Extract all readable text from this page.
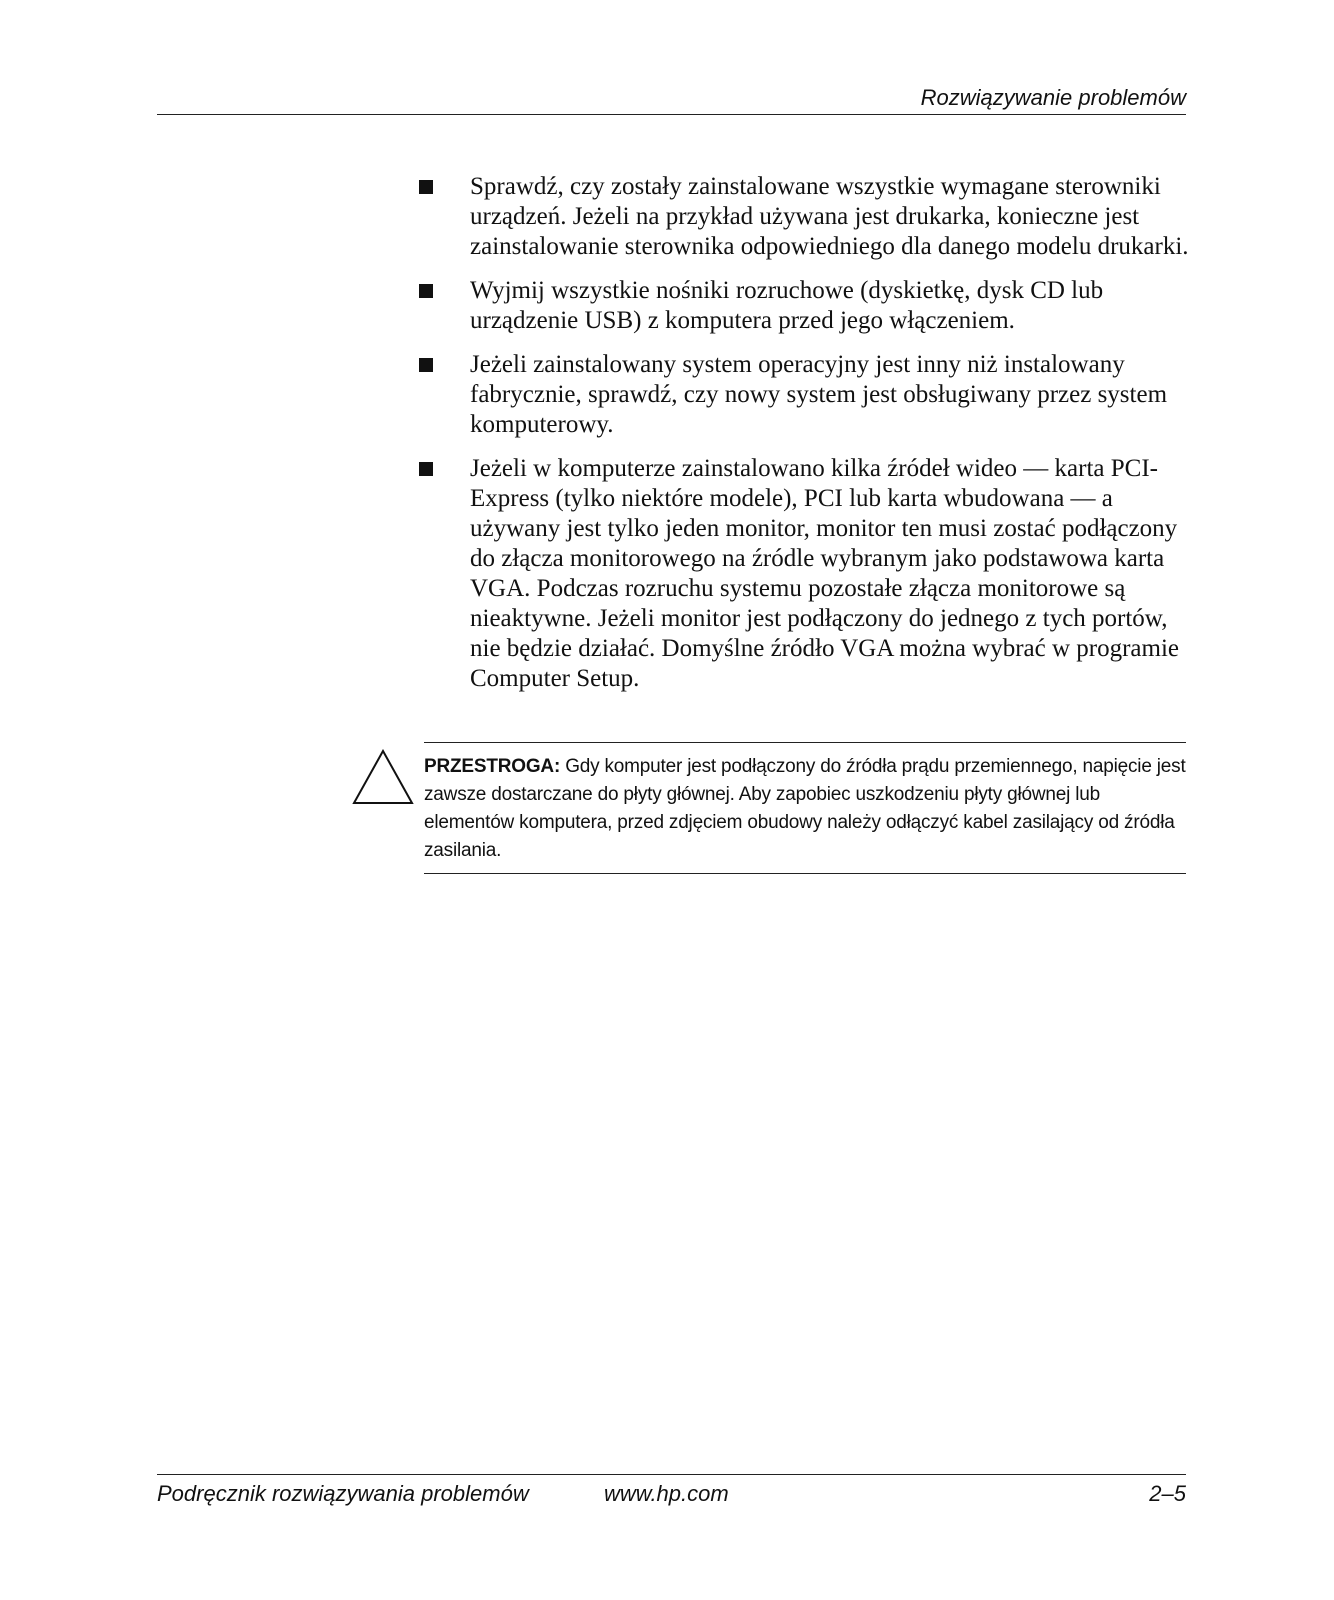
Rozwiązywanie problemów
Sprawdź, czy zostały zainstalowane wszystkie wymagane sterowniki urządzeń. Jeżeli na przykład używana jest drukarka, konieczne jest zainstalowanie sterownika odpowiedniego dla danego modelu drukarki.
Wyjmij wszystkie nośniki rozruchowe (dyskietkę, dysk CD lub urządzenie USB) z komputera przed jego włączeniem.
Jeżeli zainstalowany system operacyjny jest inny niż instalowany fabrycznie, sprawdź, czy nowy system jest obsługiwany przez system komputerowy.
Jeżeli w komputerze zainstalowano kilka źródeł wideo — karta PCI-Express (tylko niektóre modele), PCI lub karta wbudowana — a używany jest tylko jeden monitor, monitor ten musi zostać podłączony do złącza monitorowego na źródle wybranym jako podstawowa karta VGA. Podczas rozruchu systemu pozostałe złącza monitorowe są nieaktywne. Jeżeli monitor jest podłączony do jednego z tych portów, nie będzie działać. Domyślne źródło VGA można wybrać w programie Computer Setup.
PRZESTROGA: Gdy komputer jest podłączony do źródła prądu przemiennego, napięcie jest zawsze dostarczane do płyty głównej. Aby zapobiec uszkodzeniu płyty głównej lub elementów komputera, przed zdjęciem obudowy należy odłączyć kabel zasilający od źródła zasilania.
Podręcznik rozwiązywania problemów	www.hp.com	2–5
